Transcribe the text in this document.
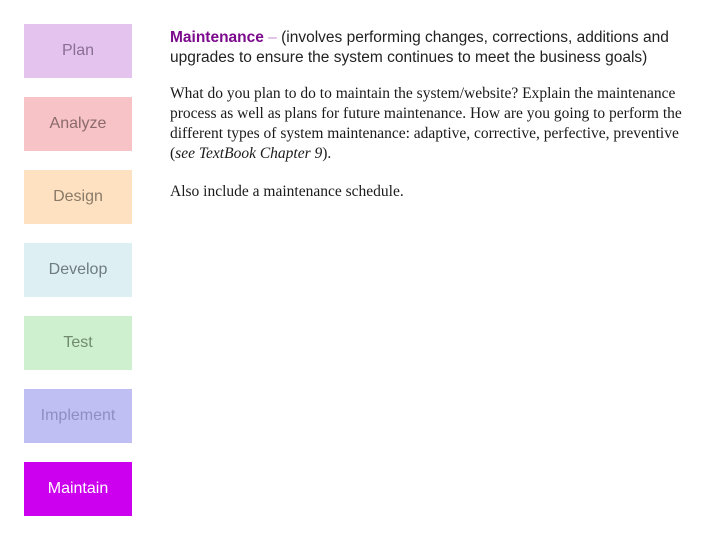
Plan
Analyze
Design
Develop
Test
Implement
Maintain

Maintenance – (involves performing changes, corrections, additions and upgrades to ensure the system continues to meet the business goals)

What do you plan to do to maintain the system/website? Explain the maintenance process as well as plans for future maintenance. How are you going to perform the different types of system maintenance: adaptive, corrective, perfective, preventive (see TextBook Chapter 9).

Also include a maintenance schedule.
